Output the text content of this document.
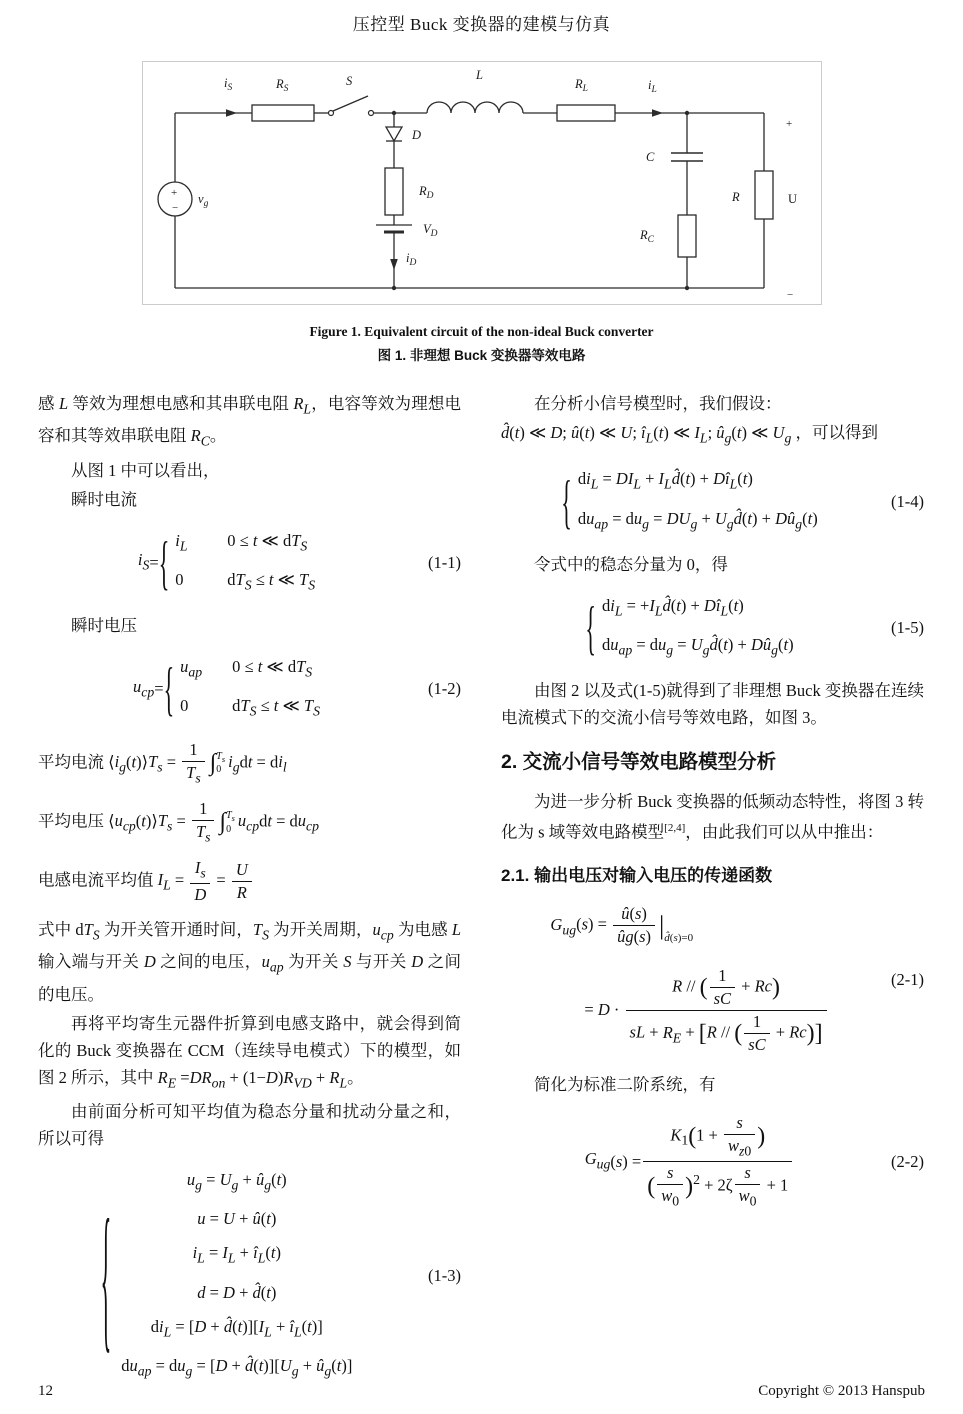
压控型 Buck 变换器的建模与仿真
$i_S$	$R_S$
S	L
$R_L$	$i_L$
D
$R_D$
$V_D$
$i_D$
C
$R_C$
R	U
+
−
$v_g$
+
−
Figure 1. Equivalent circuit of the non-ideal Buck converter
图 1. 非理想 Buck 变换器等效电路

感 L 等效为理想电感和其串联电阻 $R_L$，电容等效为理想电容和其等效串联电阻 $R_C$。

从图 1 中可以看出，

瞬时电流

$i_S$ = { $i_L$	0 ≤ t ≪ $dT_S$
0	$dT_S \le t$ ≪ $T_S$
(1-1)

瞬时电压

$u_{cp}$ = { $u_{ap}$ 0 ≤ t ≪ $dT_S$
0	$dT_S \le t$ ≪ $T_S$
(1-2)

平均电流 $⟨i_g(t)⟩T_s = \frac{1}{T_s}$ ∫ $T_s$
0 $i_gdt = di_l$

平均电压 $⟨u_{cp}(t)⟩T_s = \frac{1}{T_s}$ ∫ $T_s$
0 $u_{cp}dt = du_{cp}$

电感电流平均值 $I_L = \frac{I_s}{D} = \frac{U}{R}$

式中 $dT_S$ 为开关管开通时间，$T_S$ 为开关周期，$u_{cp}$ 为电感 L 输入端与开关 D 之间的电压，$u_{ap}$ 为开关 S 与开关 D 之间的电压。

再将平均寄生元器件折算到电感支路中，就会得到简化的 Buck 变换器在 CCM（连续导电模式）下的模型，如图 2 所示，其中 $R_E =DR_{on} + (1-D)R_{VD} + R_L$。

由前面分析可知平均值为稳态分量和扰动分量之和，所以可得

{
$u_g = U_g$ + $û_g(t)$
u = U + û(t)
$i_L = I_L$ + $î_L(t)$
d = D + d̂(t)
$di_L = [D$ + $d̂(t)][I_L$ + $î_L(t)$]
$du_{ap} = du_g = [D$ + $d̂(t)][U_g$ + $û_g(t)$]
(1-3)

在分析小信号模型时，我们假设：

d̂(t) ≪ D; û(t) ≪ U; $î_L(t)$ ≪ $I_L$; $û_g(t)$ ≪ $U_g$ ，可以得到

{ $di_L = DI_L$ + $I_Ld̂(t)$ + $Dî_L(t)$
$du_{ap} = du_g = DU_g$ + $U_gd̂(t)$ + $Dû_g(t)$
(1-4)

令式中的稳态分量为 0，得

{ $di_L$ = $+I_Ld̂(t)$ + $Dî_L(t)$
$du_{ap} = du_g$ = $U_gd̂(t)$ + $Dû_g(t)$
(1-5)

由图 2 以及式(1-5)就得到了非理想 Buck 变换器在连续电流模式下的交流小信号等效电路，如图 3。

2. 交流小信号等效电路模型分析

为进一步分析 Buck 变换器的低频动态特性，将图 3 转化为 s 域等效电路模型[2,4]，由此我们可以从中推出：

2.1. 输出电压对输入电压的传递函数
$G_{ug}(s) = \frac{û(s)}{ûg(s)} |_{d̂(s)=0}$
= $D \cdot \frac{R // ( \frac{1}{sC} + Rc)}{sL + R_E + [R // ( \frac{1}{sC} + Rc)]}$	(2-1)

简化为标准二阶系统，有

$G_{ug}$ ( s ) = $\frac{K_1(1 + \frac{s}{w_{z0}} )}{( \frac{s}{w_0} )^2 + 2\zeta \frac{s}{w_0} + 1}$	(2-2)
12	Copyright © 2013 Hanspub
